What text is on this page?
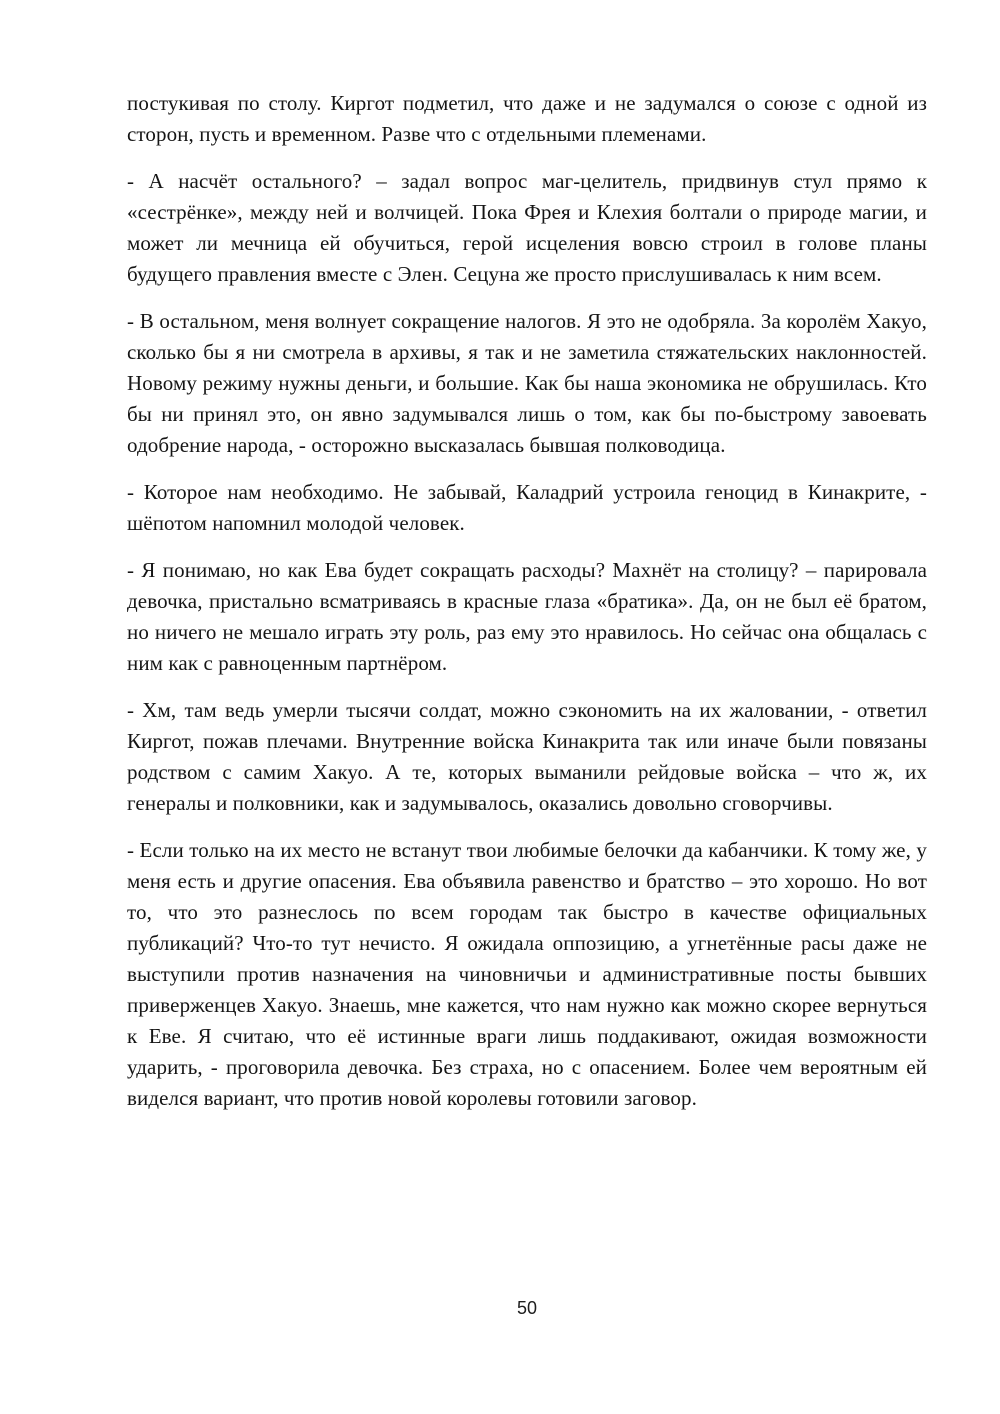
постукивая по столу. Киргот подметил, что даже и не задумался о союзе с одной из сторон, пусть и временном. Разве что с отдельными племенами.

- А насчёт остального? – задал вопрос маг-целитель, придвинув стул прямо к «сестрёнке», между ней и волчицей. Пока Фрея и Клехия болтали о природе магии, и может ли мечница ей обучиться, герой исцеления вовсю строил в голове планы будущего правления вместе с Элен. Сецуна же просто прислушивалась к ним всем.

- В остальном, меня волнует сокращение налогов. Я это не одобряла. За королём Хакуо, сколько бы я ни смотрела в архивы, я так и не заметила стяжательских наклонностей. Новому режиму нужны деньги, и большие. Как бы наша экономика не обрушилась. Кто бы ни принял это, он явно задумывался лишь о том, как бы по-быстрому завоевать одобрение народа, - осторожно высказалась бывшая полководица.

- Которое нам необходимо. Не забывай, Каладрий устроила геноцид в Кинакрите, - шёпотом напомнил молодой человек.

- Я понимаю, но как Ева будет сокращать расходы? Махнёт на столицу? – парировала девочка, пристально всматриваясь в красные глаза «братика». Да, он не был её братом, но ничего не мешало играть эту роль, раз ему это нравилось. Но сейчас она общалась с ним как с равноценным партнёром.

- Хм, там ведь умерли тысячи солдат, можно сэкономить на их жаловании, - ответил Киргот, пожав плечами. Внутренние войска Кинакрита так или иначе были повязаны родством с самим Хакуо. А те, которых выманили рейдовые войска – что ж, их генералы и полковники, как и задумывалось, оказались довольно сговорчивы.

- Если только на их место не встанут твои любимые белочки да кабанчики. К тому же, у меня есть и другие опасения. Ева объявила равенство и братство – это хорошо. Но вот то, что это разнеслось по всем городам так быстро в качестве официальных публикаций? Что-то тут нечисто. Я ожидала оппозицию, а угнетённые расы даже не выступили против назначения на чиновничьи и административные посты бывших приверженцев Хакуо. Знаешь, мне кажется, что нам нужно как можно скорее вернуться к Еве. Я считаю, что её истинные враги лишь поддакивают, ожидая возможности ударить, - проговорила девочка. Без страха, но с опасением. Более чем вероятным ей виделся вариант, что против новой королевы готовили заговор.

50
